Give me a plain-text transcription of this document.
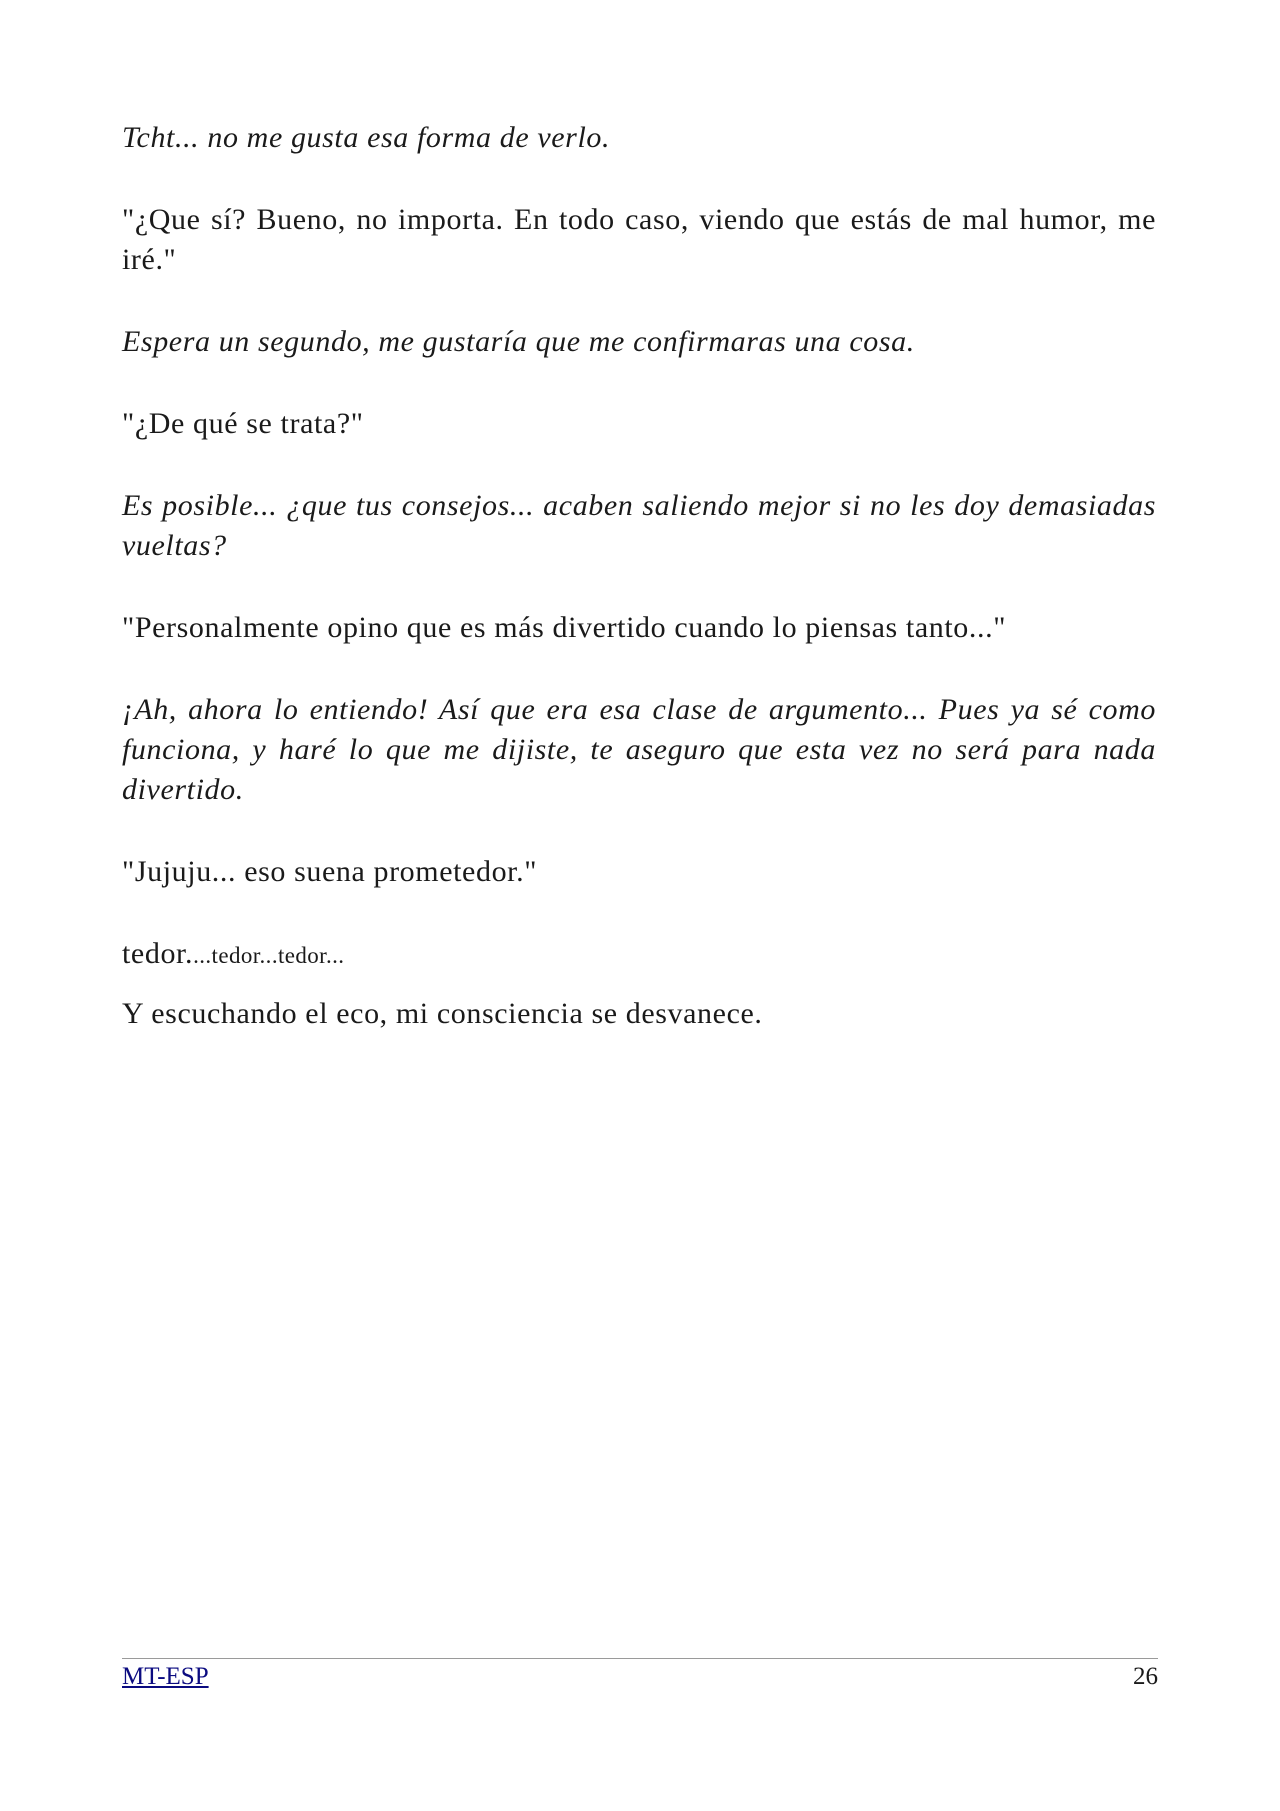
Tcht... no me gusta esa forma de verlo.

"¿Que sí? Bueno, no importa. En todo caso, viendo que estás de mal humor, me iré."

Espera un segundo, me gustaría que me confirmaras una cosa.

"¿De qué se trata?"

Es posible... ¿que tus consejos... acaben saliendo mejor si no les doy demasiadas vueltas?

"Personalmente opino que es más divertido cuando lo piensas tanto..."

¡Ah, ahora lo entiendo! Así que era esa clase de argumento... Pues ya sé como funciona, y haré lo que me dijiste, te aseguro que esta vez no será para nada divertido.

"Jujuju... eso suena prometedor."

tedor....tedor...tedor...

Y escuchando el eco, mi consciencia se desvanece.

MT-ESP	26
